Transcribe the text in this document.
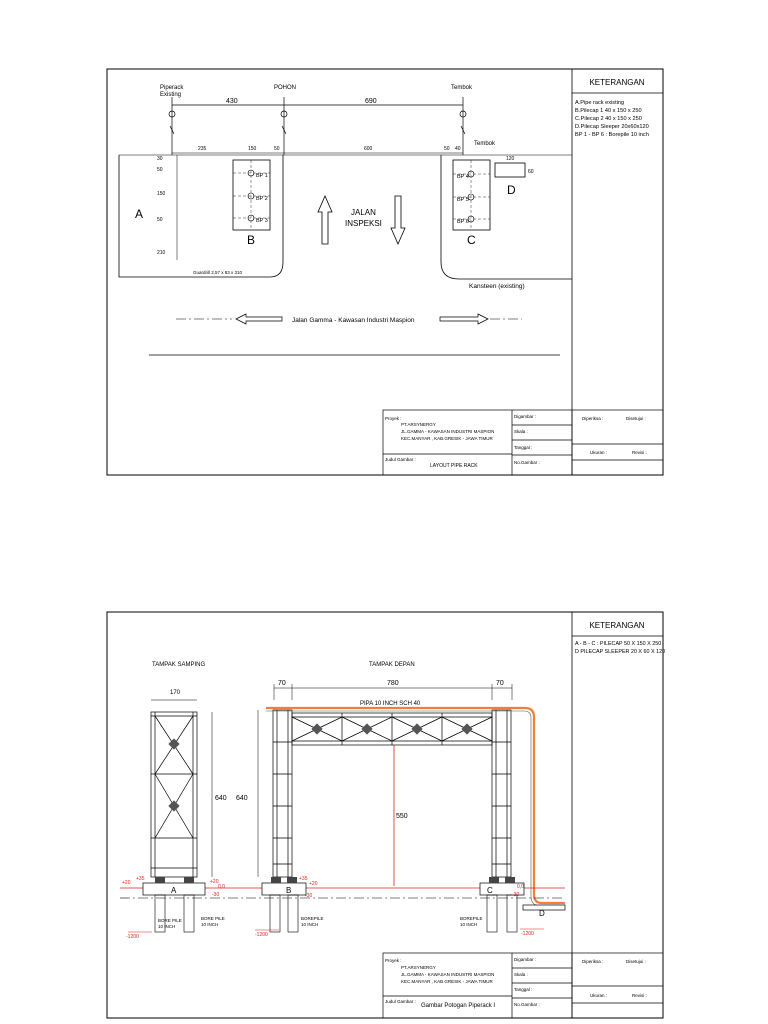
KETERANGAN
A.Pipe rack existing
B.Pilecap 1 40 x 150 x 250
C.Pilecap 2 40 x 150 x 250
D.Pilecap Sleeper 20x60x120
BP 1 - BP 6 : Borepile 10 inch
Piperack
Existing
POHON	Tembok
430	690
Tembok
235	150	50	600	50 40
30
50
150
50
210
A
BP 1
BP 2
BP 3
B
BP 4
BP 5
BP 6
C
120
60
D
JALAN
INSPEKSI
Guardrill 2,57 x 83 x 310
Kansteen (existing)
Jalan Gamma - Kawasan Industri Maspion
Proyek :
PT.ARSYNERGY
JL.GAMMA - KAWASAN INDUSTRI MASPION
KEC.MANYAR , KAB.GRESIK - JAWA TIMUR
Judul Gambar :
LAYOUT PIPE RACK
Digambar :
Skala :
Tanggal :
No.Gambar :
Diperiksa :	Disetujui :
Ukuran :	Revisi :
KETERANGAN
A - B - C : PILECAP 50 X 150 X 250
D PILECAP SLEEPER 20 X 60 X 120
TAMPAK SAMPING	TAMPAK DEPAN
170
640
70	780	70
PIPA 10 INCH SCH 40
640
550
A	B	C
D
+20
+35	+20
0,0
-30
+35
+20
-30
0,0
-30
-1200	-1200	-1200
BORE PILE
10 INCH
BORE PILE
10 INCH
BOREPILE
10 INCH
BOREPILE
10 INCH
Proyek :
PT.ARSYNERGY
JL.GAMMA - KAWASAN INDUSTRI MASPION
KEC.MANYAR , KAB.GRESIK - JAWA TIMUR
Judul Gambar :
Gambar Potogan Piperack I
Digambar :
Skala :
Tanggal :
No.Gambar :
Diperiksa :	Disetujui :
Ukuran :	Revisi :
